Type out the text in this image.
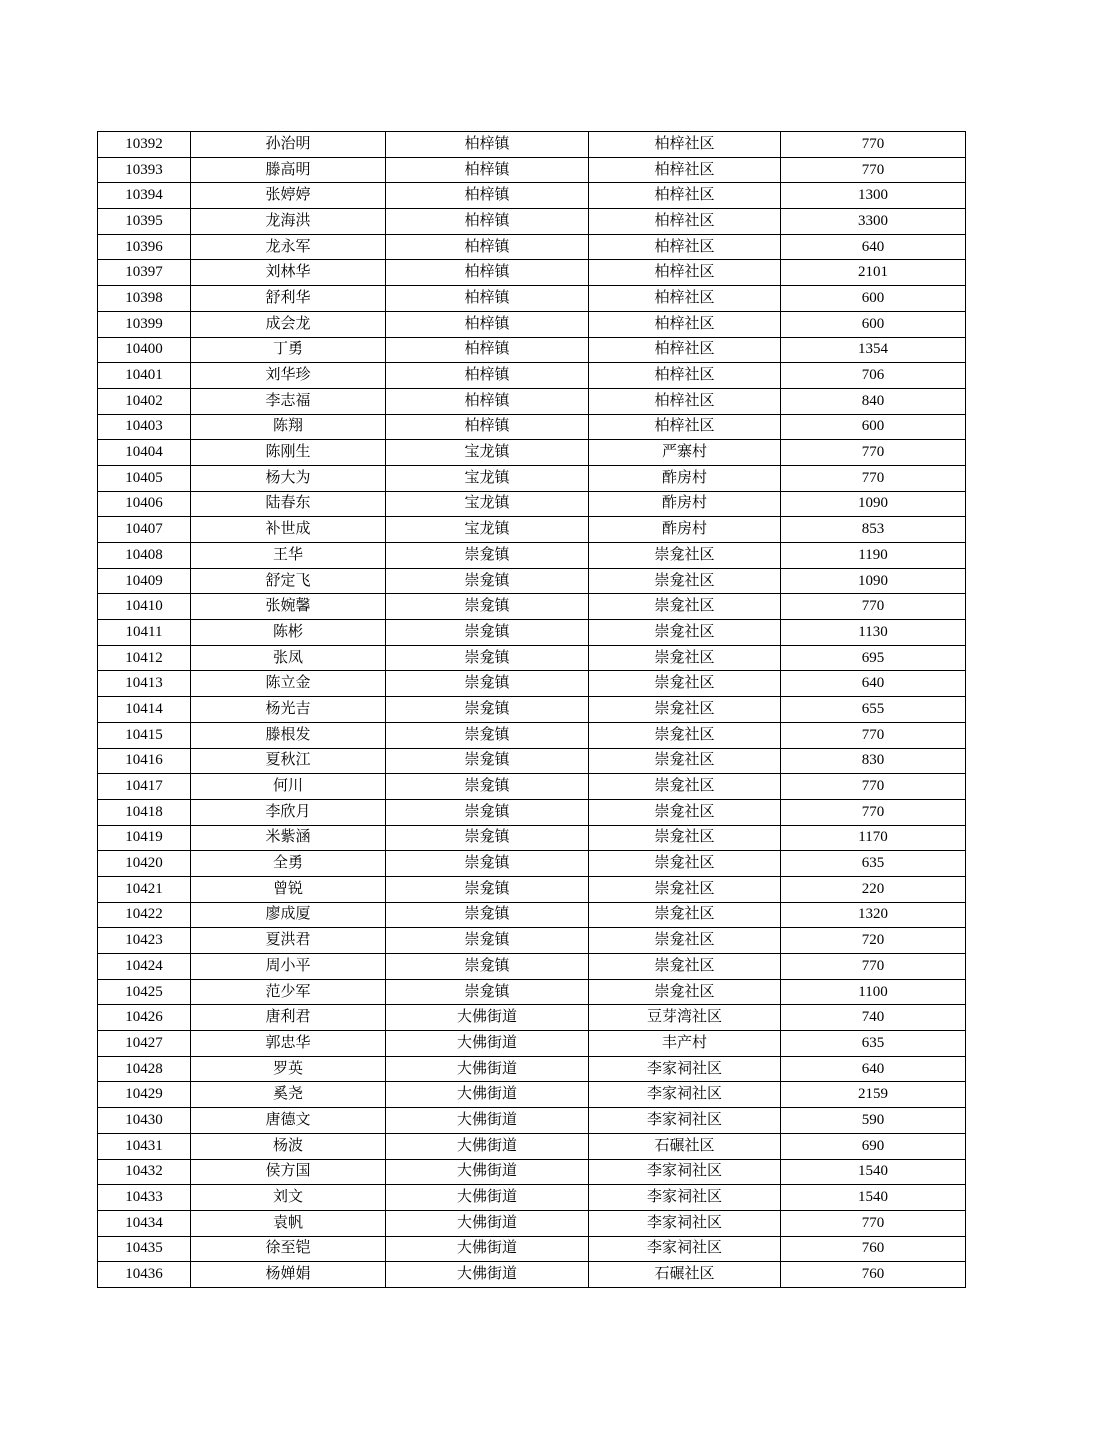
10392	孙治明	柏梓镇	柏梓社区	770
10393	滕高明	柏梓镇	柏梓社区	770
10394	张婷婷	柏梓镇	柏梓社区	1300
10395	龙海洪	柏梓镇	柏梓社区	3300
10396	龙永军	柏梓镇	柏梓社区	640
10397	刘林华	柏梓镇	柏梓社区	2101
10398	舒利华	柏梓镇	柏梓社区	600
10399	成会龙	柏梓镇	柏梓社区	600
10400	丁勇	柏梓镇	柏梓社区	1354
10401	刘华珍	柏梓镇	柏梓社区	706
10402	李志福	柏梓镇	柏梓社区	840
10403	陈翔	柏梓镇	柏梓社区	600
10404	陈刚生	宝龙镇	严寨村	770
10405	杨大为	宝龙镇	酢房村	770
10406	陆春东	宝龙镇	酢房村	1090
10407	补世成	宝龙镇	酢房村	853
10408	王华	崇龛镇	崇龛社区	1190
10409	舒定飞	崇龛镇	崇龛社区	1090
10410	张婉馨	崇龛镇	崇龛社区	770
10411	陈彬	崇龛镇	崇龛社区	1130
10412	张凤	崇龛镇	崇龛社区	695
10413	陈立金	崇龛镇	崇龛社区	640
10414	杨光吉	崇龛镇	崇龛社区	655
10415	滕根发	崇龛镇	崇龛社区	770
10416	夏秋江	崇龛镇	崇龛社区	830
10417	何川	崇龛镇	崇龛社区	770
10418	李欣月	崇龛镇	崇龛社区	770
10419	米紫涵	崇龛镇	崇龛社区	1170
10420	全勇	崇龛镇	崇龛社区	635
10421	曾锐	崇龛镇	崇龛社区	220
10422	廖成厦	崇龛镇	崇龛社区	1320
10423	夏洪君	崇龛镇	崇龛社区	720
10424	周小平	崇龛镇	崇龛社区	770
10425	范少军	崇龛镇	崇龛社区	1100
10426	唐利君	大佛街道	豆芽湾社区	740
10427	郭忠华	大佛街道	丰产村	635
10428	罗英	大佛街道	李家祠社区	640
10429	奚尧	大佛街道	李家祠社区	2159
10430	唐德文	大佛街道	李家祠社区	590
10431	杨波	大佛街道	石碾社区	690
10432	侯方国	大佛街道	李家祠社区	1540
10433	刘文	大佛街道	李家祠社区	1540
10434	袁帆	大佛街道	李家祠社区	770
10435	徐至铠	大佛街道	李家祠社区	760
10436	杨婵娟	大佛街道	石碾社区	760
